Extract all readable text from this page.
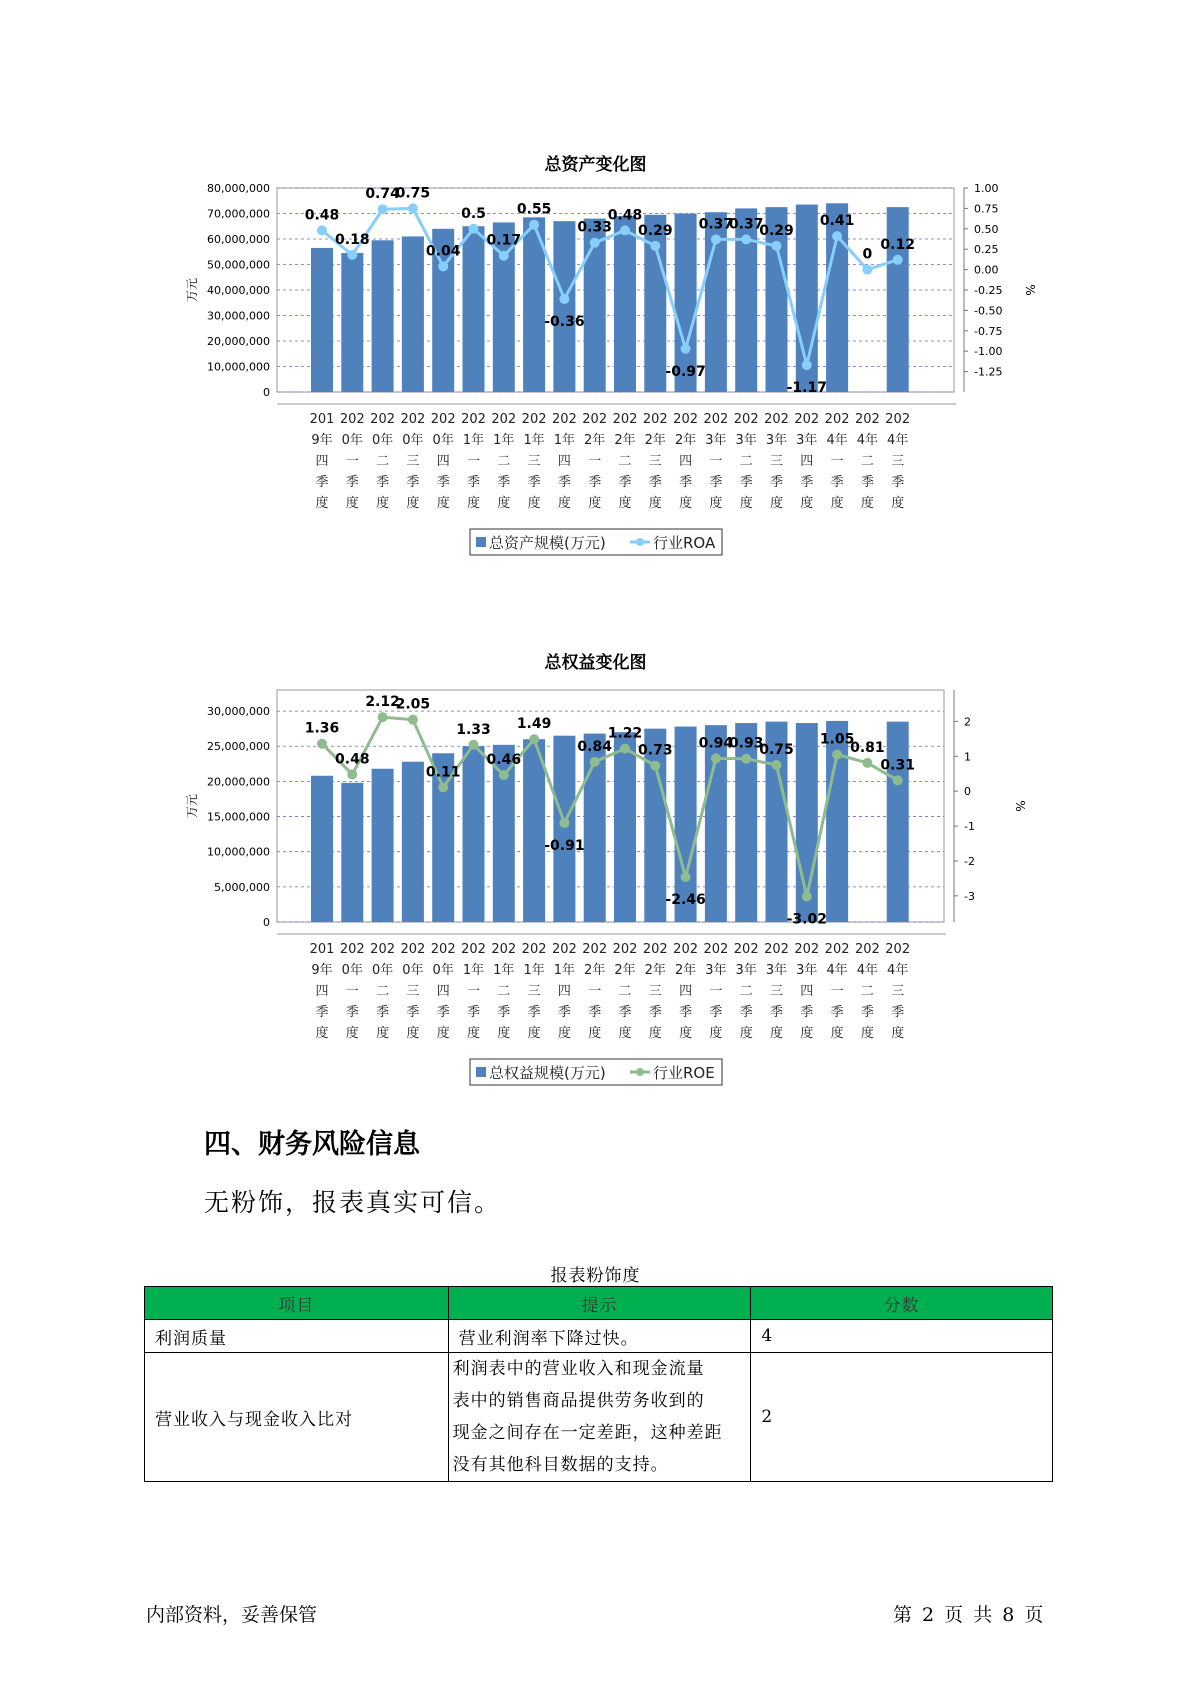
总资产变化图
0
10,000,000
20,000,000
30,000,000
40,000,000
50,000,000
60,000,000
70,000,000
80,000,000
万元
1.00
0.75
0.50
0.25
0.00
-0.25
-0.50
-0.75
-1.00
-1.25
%
0.48
0.18
0.74
0.75
0.04
0.5
0.17
0.55
-0.36
0.33
0.48
0.29
-0.97
0.37
0.37
0.29
-1.17
0.41
0
0.12
201 9年四季度
202 0年一季度
202 0年二季度
202 0年三季度
202 0年四季度
202 1年一季度
202 1年二季度
202 1年三季度
202 1年四季度
202 2年一季度
202 2年二季度
202 2年三季度
202 2年四季度
202 3年一季度
202 3年二季度
202 3年三季度
202 3年四季度
202 4年一季度
202 4年二季度
202 4年三季度
总资产规模(万元)	行业ROA
总权益变化图
0
5,000,000
10,000,000
15,000,000
20,000,000
25,000,000
30,000,000
万元
2
1
0
-1
-2
-3
%
1.36
0.48
2.12
2.05
0.11
1.33
0.46
1.49
-0.91
0.84
1.22
0.73
-2.46
0.94
0.93
0.75
-3.02
1.05
0.81
0.31
201 9年四季度
202 0年一季度
202 0年二季度
202 0年三季度
202 0年四季度
202 1年一季度
202 1年二季度
202 1年三季度
202 1年四季度
202 2年一季度
202 2年二季度
202 2年三季度
202 2年四季度
202 3年一季度
202 3年二季度
202 3年三季度
202 3年四季度
202 4年一季度
202 4年二季度
202 4年三季度
总权益规模(万元)	行业ROE
四、财务风险信息
无粉饰，报表真实可信。
报表粉饰度
项目	提示	分数
利润质量	营业利润率下降过快。	4
营业收入与现金收入比对	利润表中的营业收入和现金流量
表中的销售商品提供劳务收到的
现金之间存在一定差距，这种差距
没有其他科目数据的支持。	2
内部资料，妥善保管	第 2 页 共 8 页
